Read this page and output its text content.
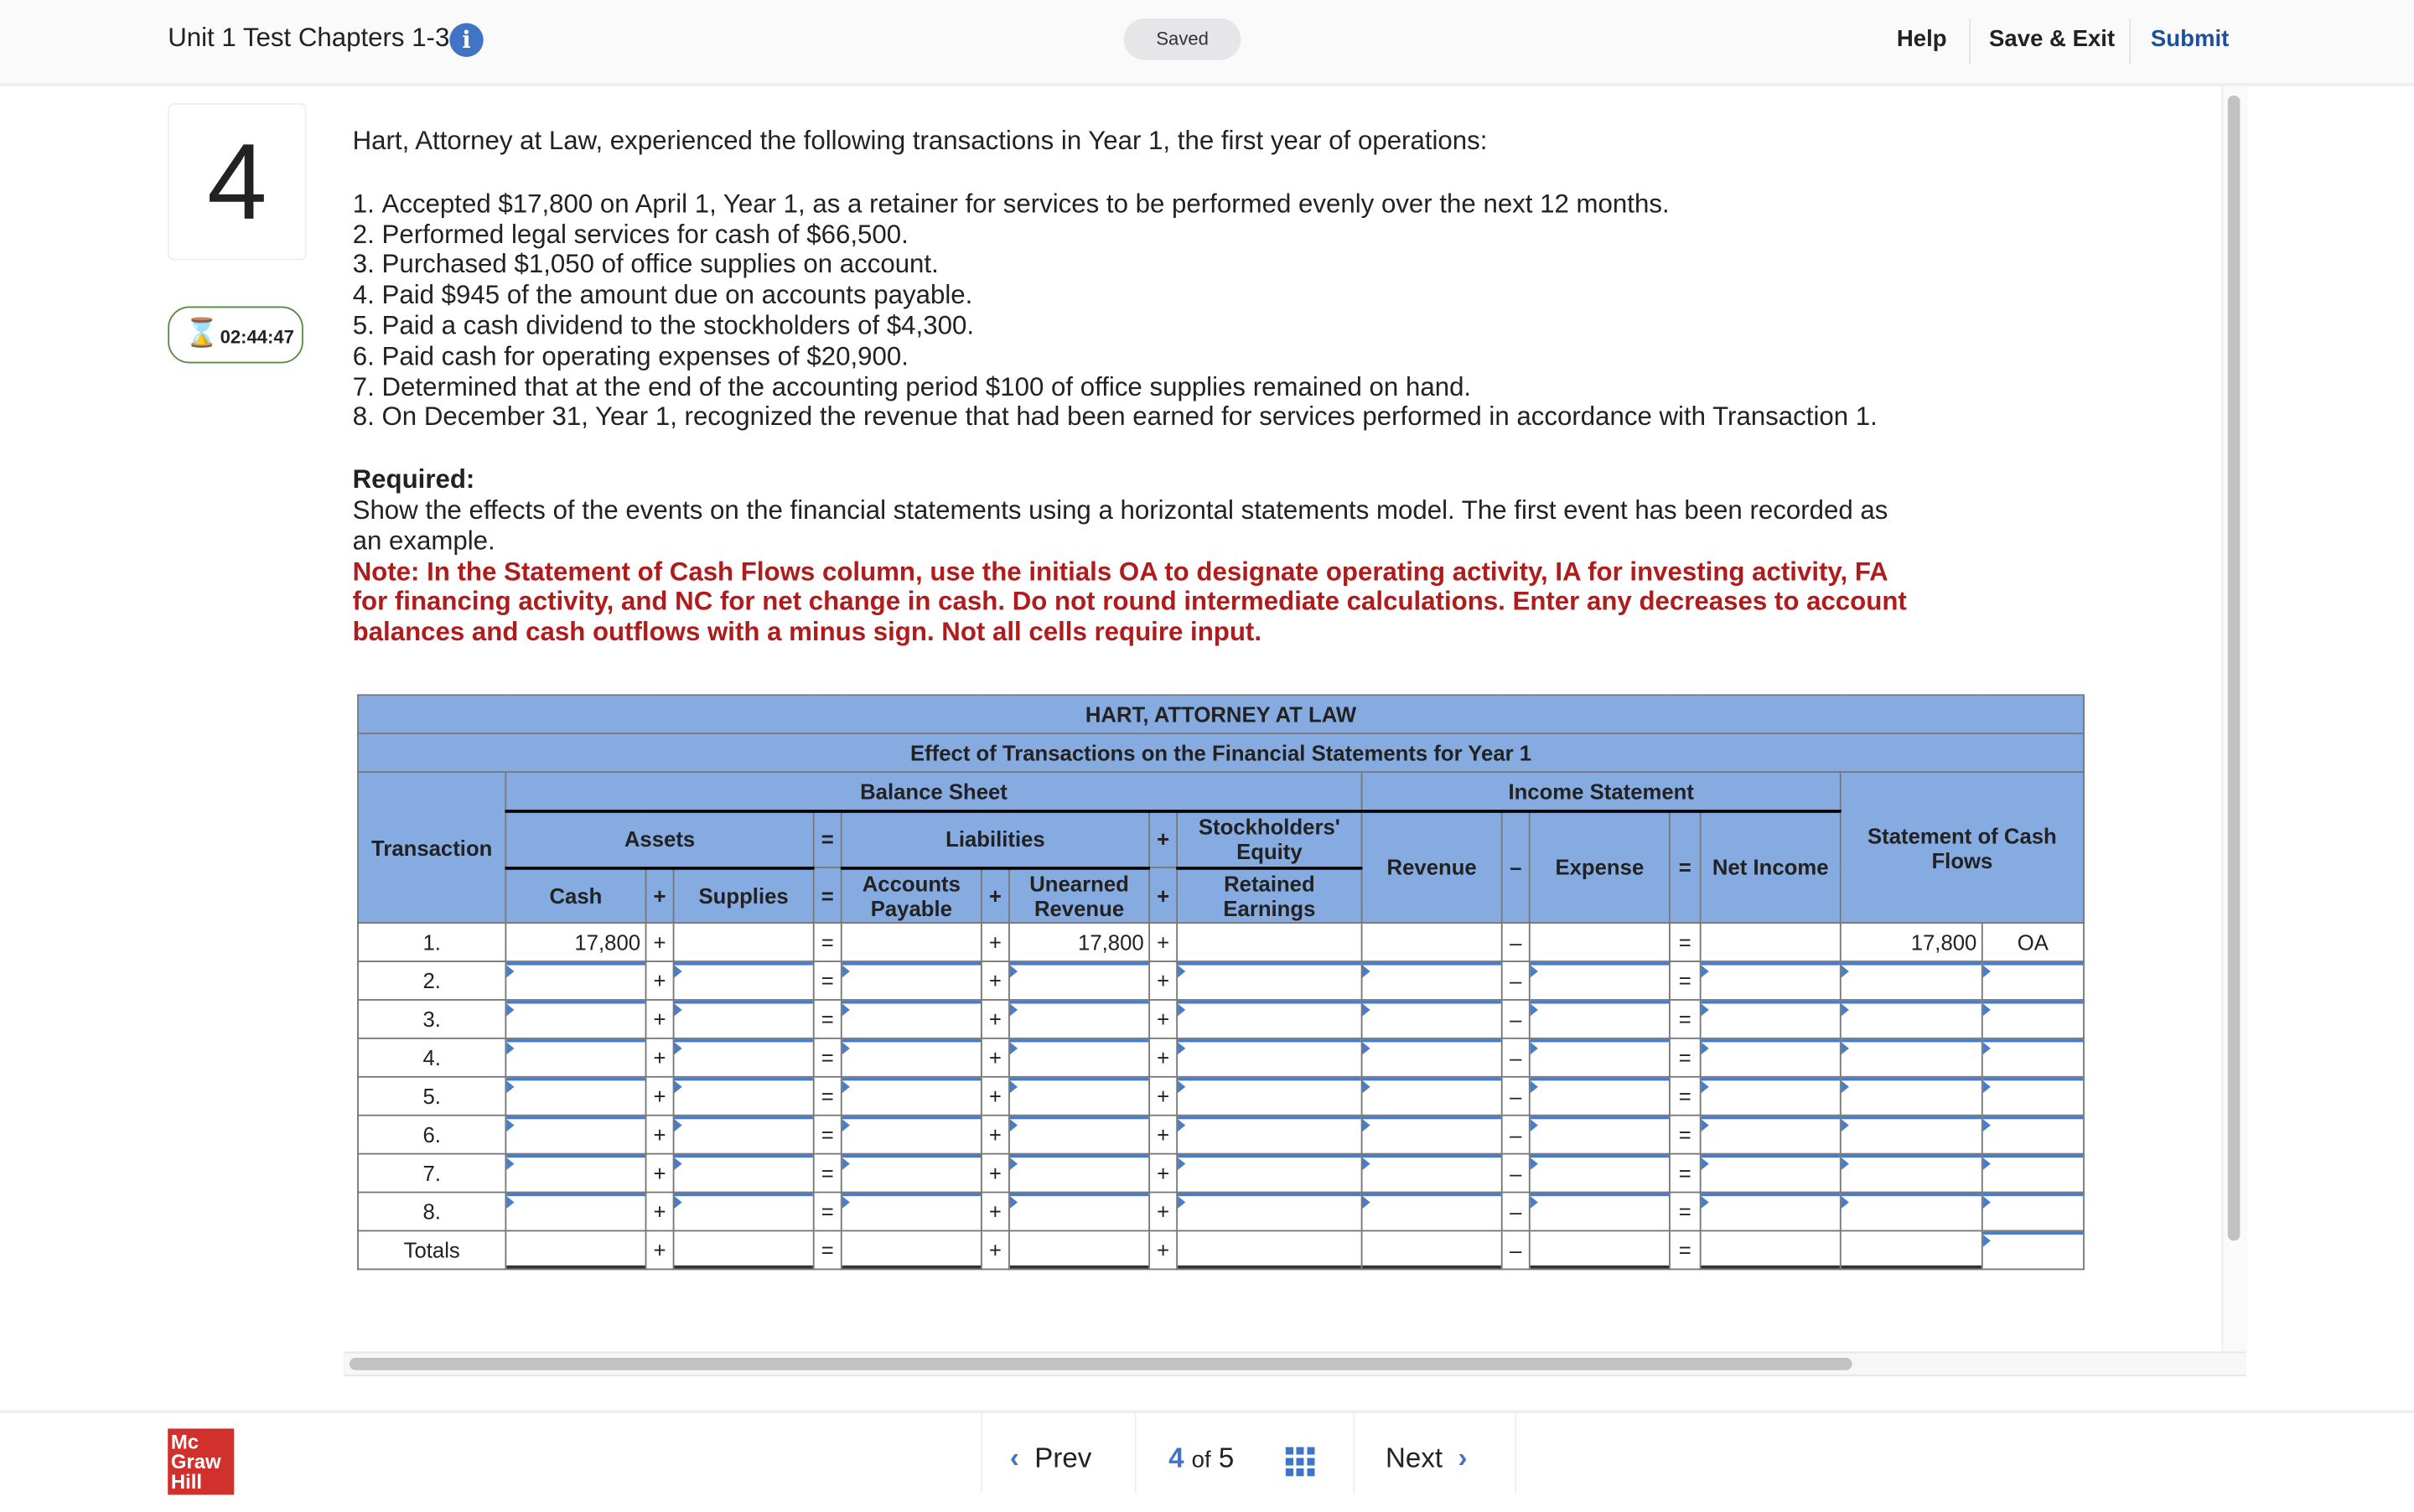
Unit 1 Test Chapters 1-3 i	Saved	Help	Save & Exit	Submit
4
⌛ 02:44:47

Hart, Attorney at Law, experienced the following transactions in Year 1, the first year of operations:

1. Accepted $17,800 on April 1, Year 1, as a retainer for services to be performed evenly over the next 12 months.
2. Performed legal services for cash of $66,500.
3. Purchased $1,050 of office supplies on account.
4. Paid $945 of the amount due on accounts payable.
5. Paid a cash dividend to the stockholders of $4,300.
6. Paid cash for operating expenses of $20,900.
7. Determined that at the end of the accounting period $100 of office supplies remained on hand.
8. On December 31, Year 1, recognized the revenue that had been earned for services performed in accordance with Transaction 1.

Required:

Show the effects of the events on the financial statements using a horizontal statements model. The first event has been recorded as an example.

Note: In the Statement of Cash Flows column, use the initials OA to designate operating activity, IA for investing activity, FA for financing activity, and NC for net change in cash. Do not round intermediate calculations. Enter any decreases to account balances and cash outflows with a minus sign. Not all cells require input.

HART, ATTORNEY AT LAW																
Effect of Transactions on the Financial Statements for Year 1																
Transaction	Balance Sheet									Income Statement					Statement of Cash Flows	
	Assets			=	Liabilities			+	Stockholders' Equity	Revenue	–	Expense	=	Net Income		
	Cash	+	Supplies	=	Accounts Payable	+	Unearned Revenue	+	Retained Earnings							
1.	17,800	+		=		+	17,800	+			–		=		17,800	OA
2.		+		=		+		+			–		=	

3.		+		=		+		+			–		=	

4.		+		=		+		+			–		=	

5.		+		=		+		+			–		=	

6.		+		=		+		+			–		=	

7.		+		=		+		+			–		=	

8.		+		=		+		+			–		=	

Totals		+		=		+		+			–		=	

Mc
Graw
Hill
‹ Prev	4 of 5	Next ›
